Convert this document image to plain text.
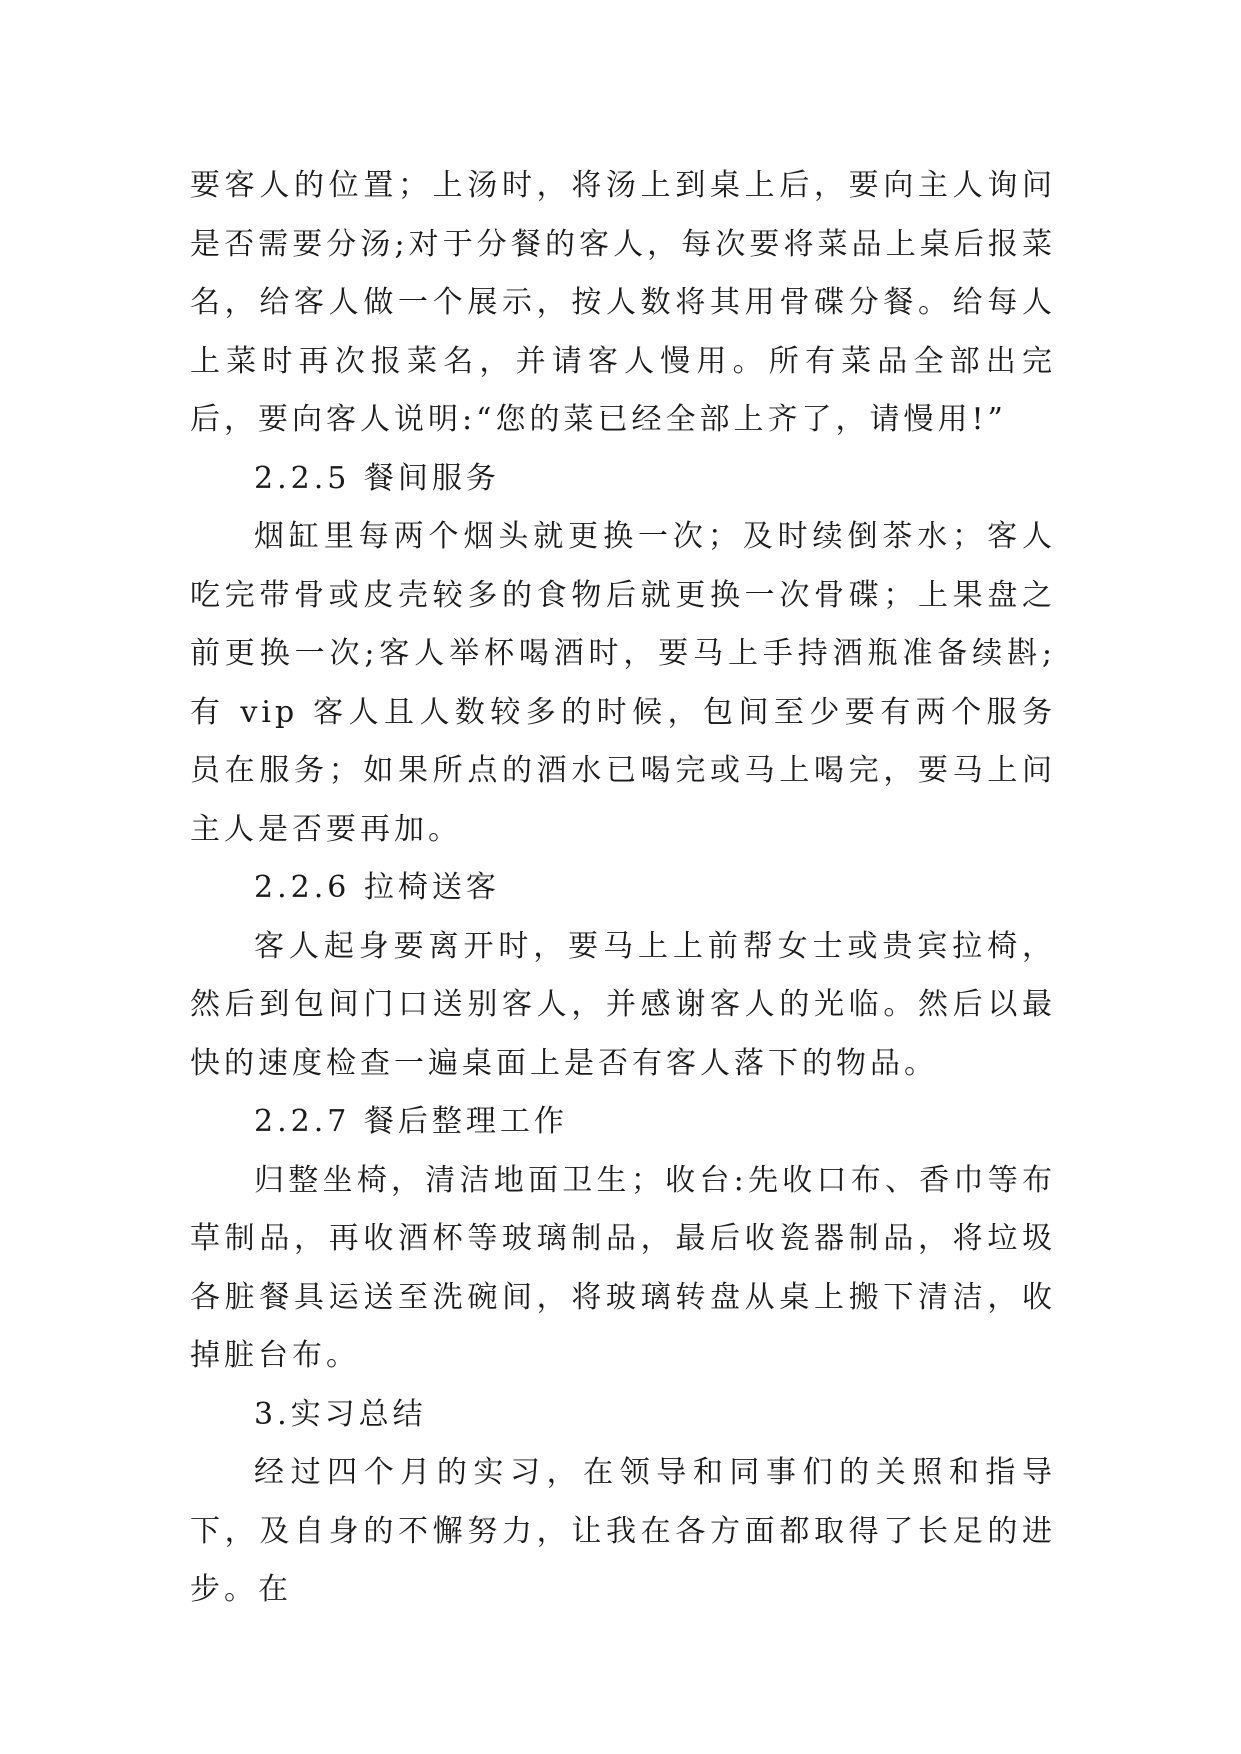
要客人的位置；上汤时，将汤上到桌上后，要向主人询问是否需要分汤;对于分餐的客人，每次要将菜品上桌后报菜名，给客人做一个展示，按人数将其用骨碟分餐。给每人上菜时再次报菜名，并请客人慢用。所有菜品全部出完后，要向客人说明:“您的菜已经全部上齐了，请慢用!”

2.2.5 餐间服务

烟缸里每两个烟头就更换一次；及时续倒茶水；客人吃完带骨或皮壳较多的食物后就更换一次骨碟；上果盘之前更换一次;客人举杯喝酒时，要马上手持酒瓶准备续斟;有 vip 客人且人数较多的时候，包间至少要有两个服务员在服务；如果所点的酒水已喝完或马上喝完，要马上问主人是否要再加。

2.2.6 拉椅送客

客人起身要离开时，要马上上前帮女士或贵宾拉椅，然后到包间门口送别客人，并感谢客人的光临。然后以最快的速度检查一遍桌面上是否有客人落下的物品。

2.2.7 餐后整理工作

归整坐椅，清洁地面卫生；收台:先收口布、香巾等布草制品，再收酒杯等玻璃制品，最后收瓷器制品，将垃圾各脏餐具运送至洗碗间，将玻璃转盘从桌上搬下清洁，收掉脏台布。

3.实习总结

经过四个月的实习，在领导和同事们的关照和指导下，及自身的不懈努力，让我在各方面都取得了长足的进步。在
